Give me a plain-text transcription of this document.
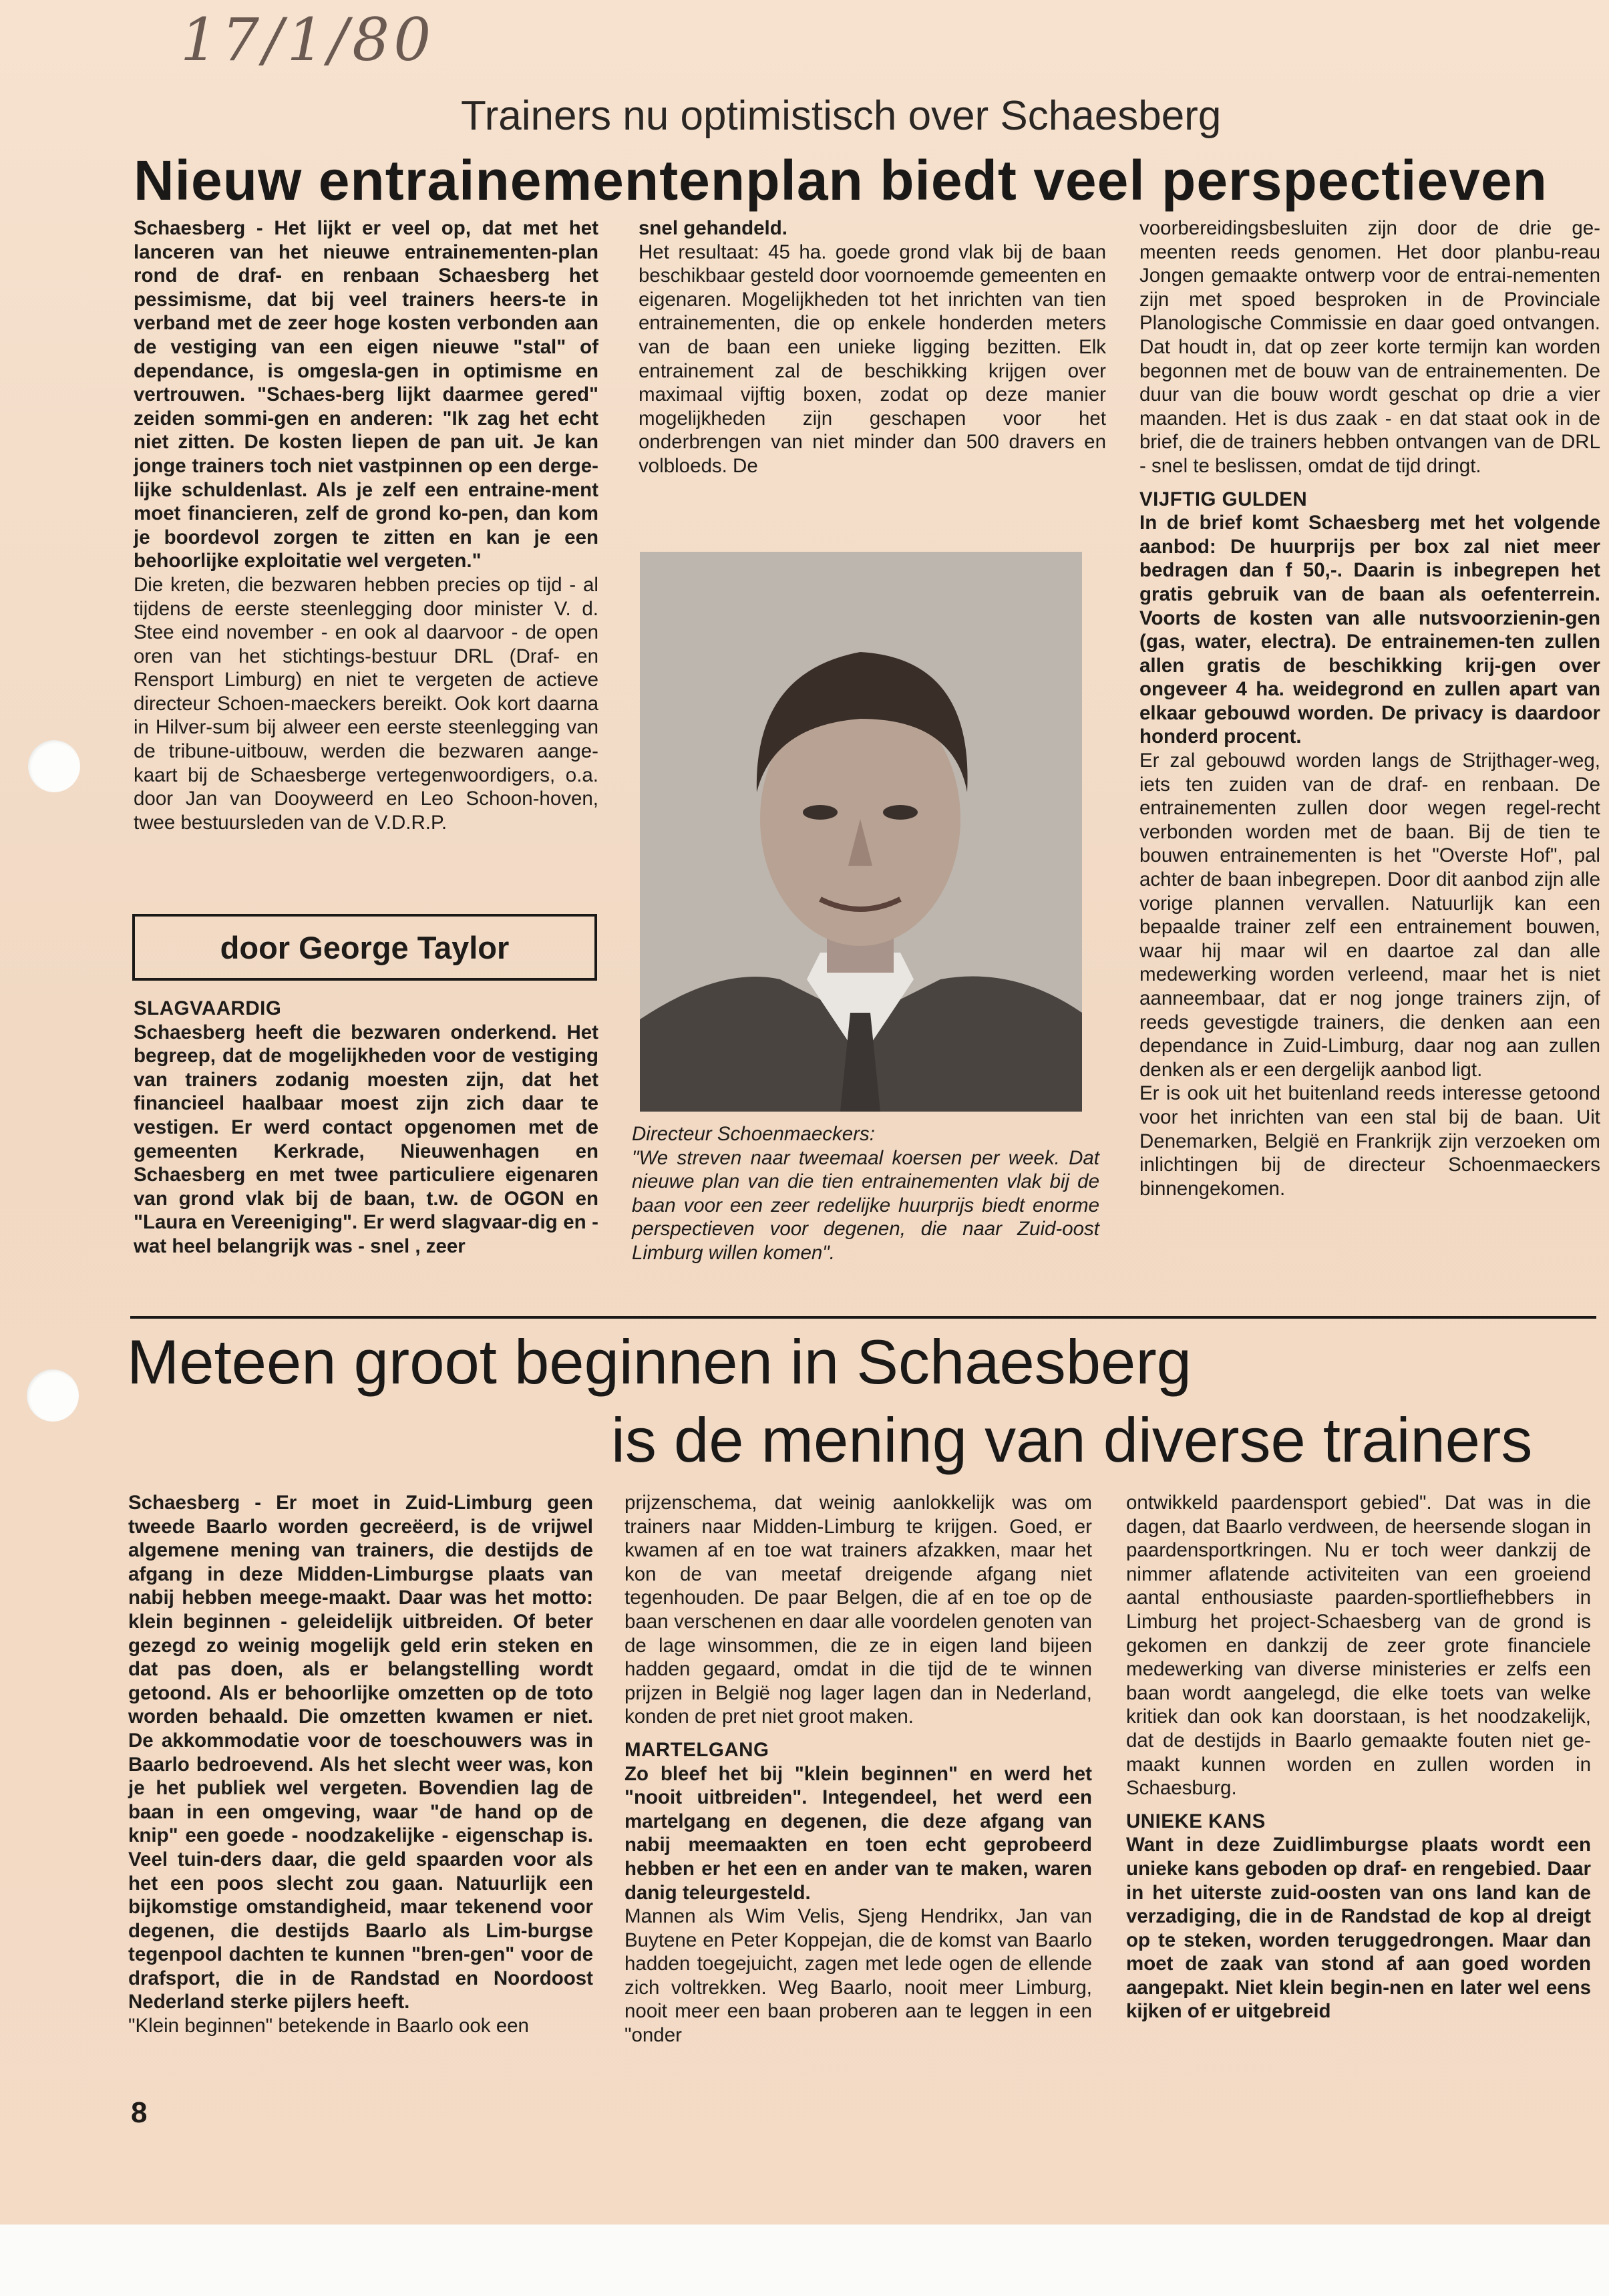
17/1/80
Trainers nu optimistisch over Schaesberg
Nieuw entrainementenplan biedt veel perspectieven

Schaesberg - Het lijkt er veel op, dat met het lanceren van het nieuwe entrainementen-plan rond de draf- en renbaan Schaesberg het pessimisme, dat bij veel trainers heers-te in verband met de zeer hoge kosten verbonden aan de vestiging van een eigen nieuwe "stal" of dependance, is omgesla-gen in optimisme en vertrouwen. "Schaes-berg lijkt daarmee gered" zeiden sommi-gen en anderen: "Ik zag het echt niet zitten. De kosten liepen de pan uit. Je kan jonge trainers toch niet vastpinnen op een derge-lijke schuldenlast. Als je zelf een entraine-ment moet financieren, zelf de grond ko-pen, dan kom je boordevol zorgen te zitten en kan je een behoorlijke exploitatie wel vergeten."

Die kreten, die bezwaren hebben precies op tijd - al tijdens de eerste steenlegging door minister V. d. Stee eind november - en ook al daarvoor - de open oren van het stichtings-bestuur DRL (Draf- en Rensport Limburg) en niet te vergeten de actieve directeur Schoen-maeckers bereikt. Ook kort daarna in Hilver-sum bij alweer een eerste steenlegging van de tribune-uitbouw, werden die bezwaren aange-kaart bij de Schaesberge vertegenwoordigers, o.a. door Jan van Dooyweerd en Leo Schoon-hoven, twee bestuursleden van de V.D.R.P.

door George Taylor

SLAGVAARDIG

Schaesberg heeft die bezwaren onderkend. Het begreep, dat de mogelijkheden voor de vestiging van trainers zodanig moesten zijn, dat het financieel haalbaar moest zijn zich daar te vestigen. Er werd contact opgenomen met de gemeenten Kerkrade, Nieuwenhagen en Schaesberg en met twee particuliere eigenaren van grond vlak bij de baan, t.w. de OGON en "Laura en Vereeniging". Er werd slagvaar-dig en - wat heel belangrijk was - snel , zeer

snel gehandeld.

Het resultaat: 45 ha. goede grond vlak bij de baan beschikbaar gesteld door voornoemde gemeenten en eigenaren. Mogelijkheden tot het inrichten van tien entrainementen, die op enkele honderden meters van de baan een unieke ligging bezitten. Elk entrainement zal de beschikking krijgen over maximaal vijftig boxen, zodat op deze manier mogelijkheden zijn geschapen voor het onderbrengen van niet minder dan 500 dravers en volbloeds. De

Directeur Schoenmaeckers:

"We streven naar tweemaal koersen per week. Dat nieuwe plan van die tien entrainementen vlak bij de baan voor een zeer redelijke huurprijs biedt enorme perspectieven voor degenen, die naar Zuid-oost Limburg willen komen".

voorbereidingsbesluiten zijn door de drie ge-meenten reeds genomen. Het door planbu-reau Jongen gemaakte ontwerp voor de entrai-nementen zijn met spoed besproken in de Provinciale Planologische Commissie en daar goed ontvangen. Dat houdt in, dat op zeer korte termijn kan worden begonnen met de bouw van de entrainementen. De duur van die bouw wordt geschat op drie a vier maanden. Het is dus zaak - en dat staat ook in de brief, die de trainers hebben ontvangen van de DRL - snel te beslissen, omdat de tijd dringt.

VIJFTIG GULDEN

In de brief komt Schaesberg met het volgende aanbod: De huurprijs per box zal niet meer bedragen dan f 50,-. Daarin is inbegrepen het gratis gebruik van de baan als oefenterrein. Voorts de kosten van alle nutsvoorzienin-gen (gas, water, electra). De entrainemen-ten zullen allen gratis de beschikking krij-gen over ongeveer 4 ha. weidegrond en zullen apart van elkaar gebouwd worden. De privacy is daardoor honderd procent.

Er zal gebouwd worden langs de Strijthager-weg, iets ten zuiden van de draf- en renbaan. De entrainementen zullen door wegen regel-recht verbonden worden met de baan. Bij de tien te bouwen entrainementen is het "Overste Hof", pal achter de baan inbegrepen. Door dit aanbod zijn alle vorige plannen vervallen. Natuurlijk kan een bepaalde trainer zelf een entrainement bouwen, waar hij maar wil en daartoe zal dan alle medewerking worden verleend, maar het is niet aanneembaar, dat er nog jonge trainers zijn, of reeds gevestigde trainers, die denken aan een dependance in Zuid-Limburg, daar nog aan zullen denken als er een dergelijk aanbod ligt.

Er is ook uit het buitenland reeds interesse getoond voor het inrichten van een stal bij de baan. Uit Denemarken, België en Frankrijk zijn verzoeken om inlichtingen bij de directeur Schoenmaeckers binnengekomen.

Meteen groot beginnen in Schaesberg
is de mening van diverse trainers

Schaesberg - Er moet in Zuid-Limburg geen tweede Baarlo worden gecreëerd, is de vrijwel algemene mening van trainers, die destijds de afgang in deze Midden-Limburgse plaats van nabij hebben meege-maakt. Daar was het motto: klein beginnen - geleidelijk uitbreiden. Of beter gezegd zo weinig mogelijk geld erin steken en dat pas doen, als er belangstelling wordt getoond. Als er behoorlijke omzetten op de toto worden behaald. Die omzetten kwamen er niet. De akkommodatie voor de toeschouwers was in Baarlo bedroevend. Als het slecht weer was, kon je het publiek wel vergeten. Bovendien lag de baan in een omgeving, waar "de hand op de knip" een goede - noodzakelijke - eigenschap is. Veel tuin-ders daar, die geld spaarden voor als het een poos slecht zou gaan. Natuurlijk een bijkomstige omstandigheid, maar tekenend voor degenen, die destijds Baarlo als Lim-burgse tegenpool dachten te kunnen "bren-gen" voor de drafsport, die in de Randstad en Noordoost Nederland sterke pijlers heeft.

"Klein beginnen" betekende in Baarlo ook een

prijzenschema, dat weinig aanlokkelijk was om trainers naar Midden-Limburg te krijgen. Goed, er kwamen af en toe wat trainers afzakken, maar het kon de van meetaf dreigende afgang niet tegenhouden. De paar Belgen, die af en toe op de baan verschenen en daar alle voordelen genoten van de lage winsommen, die ze in eigen land bijeen hadden gegaard, omdat in die tijd de te winnen prijzen in België nog lager lagen dan in Nederland, konden de pret niet groot maken.

MARTELGANG

Zo bleef het bij "klein beginnen" en werd het "nooit uitbreiden". Integendeel, het werd een martelgang en degenen, die deze afgang van nabij meemaakten en toen echt geprobeerd hebben er het een en ander van te maken, waren danig teleurgesteld.

Mannen als Wim Velis, Sjeng Hendrikx, Jan van Buytene en Peter Koppejan, die de komst van Baarlo hadden toegejuicht, zagen met lede ogen de ellende zich voltrekken. Weg Baarlo, nooit meer Limburg, nooit meer een baan proberen aan te leggen in een "onder

ontwikkeld paardensport gebied". Dat was in die dagen, dat Baarlo verdween, de heersende slogan in paardensportkringen. Nu er toch weer dankzij de nimmer aflatende activiteiten van een groeiend aantal enthousiaste paarden-sportliefhebbers in Limburg het project-Schaesberg van de grond is gekomen en dankzij de zeer grote financiele medewerking van diverse ministeries er zelfs een baan wordt aangelegd, die elke toets van welke kritiek dan ook kan doorstaan, is het noodzakelijk, dat de destijds in Baarlo gemaakte fouten niet ge-maakt kunnen worden en zullen worden in Schaesburg.

UNIEKE KANS

Want in deze Zuidlimburgse plaats wordt een unieke kans geboden op draf- en rengebied. Daar in het uiterste zuid-oosten van ons land kan de verzadiging, die in de Randstad de kop al dreigt op te steken, worden teruggedrongen. Maar dan moet de zaak van stond af aan goed worden aangepakt. Niet klein begin-nen en later wel eens kijken of er uitgebreid

8
